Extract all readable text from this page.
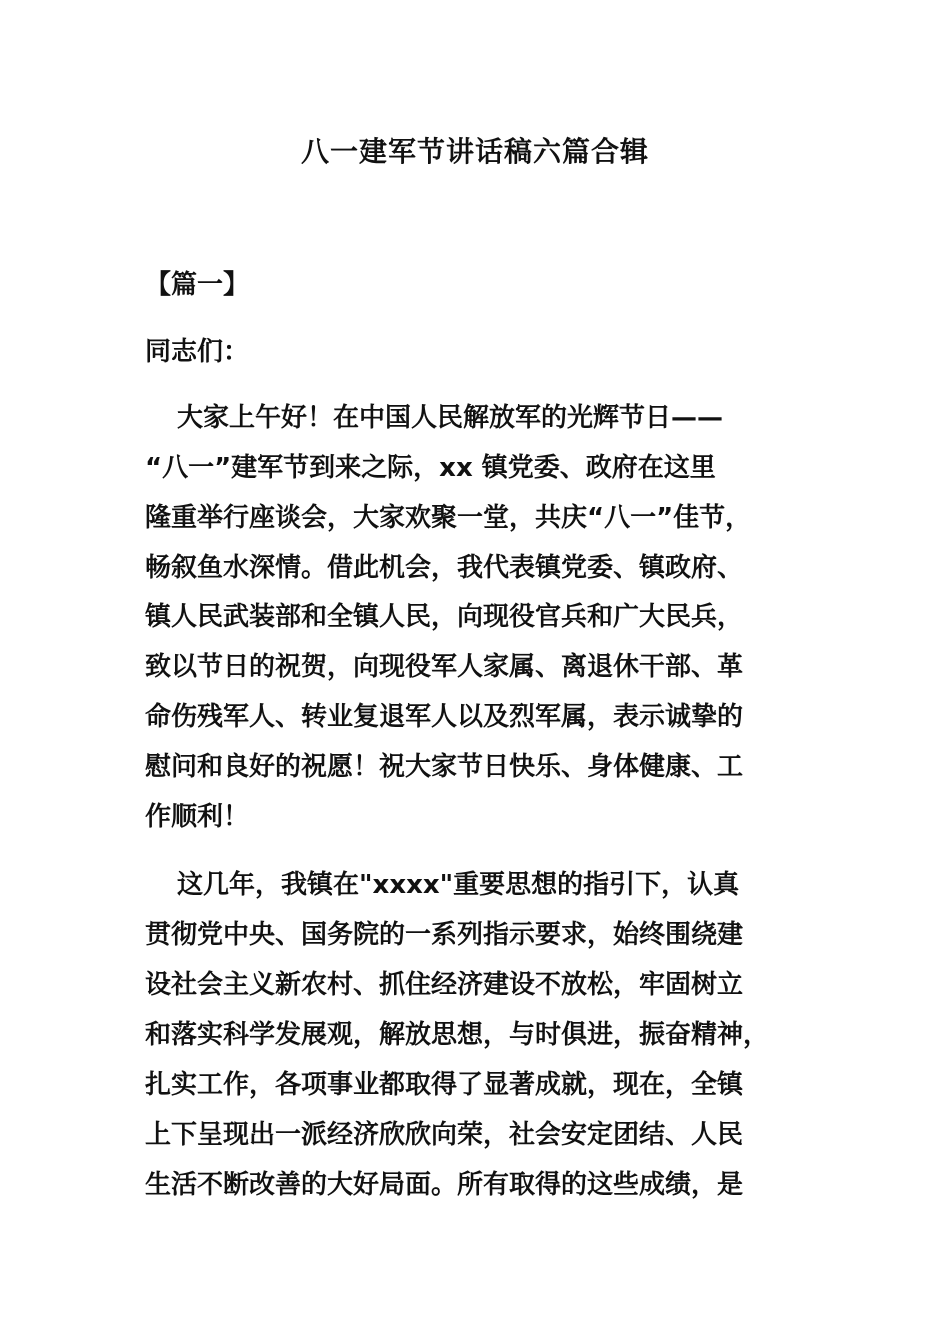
八一建军节讲话稿六篇合辑
【篇一】
同志们：
大家上午好！在中国人民解放军的光辉节日——
“八一”建军节到来之际，xx 镇党委、政府在这里
隆重举行座谈会，大家欢聚一堂，共庆“八一”佳节，
畅叙鱼水深情。借此机会，我代表镇党委、镇政府、
镇人民武装部和全镇人民，向现役官兵和广大民兵，
致以节日的祝贺，向现役军人家属、离退休干部、革
命伤残军人、转业复退军人以及烈军属，表示诚挚的
慰问和良好的祝愿！祝大家节日快乐、身体健康、工
作顺利！
这几年，我镇在"xxxx"重要思想的指引下，认真
贯彻党中央、国务院的一系列指示要求，始终围绕建
设社会主义新农村、抓住经济建设不放松，牢固树立
和落实科学发展观，解放思想，与时俱进，振奋精神，
扎实工作，各项事业都取得了显著成就，现在，全镇
上下呈现出一派经济欣欣向荣，社会安定团结、人民
生活不断改善的大好局面。所有取得的这些成绩，是
